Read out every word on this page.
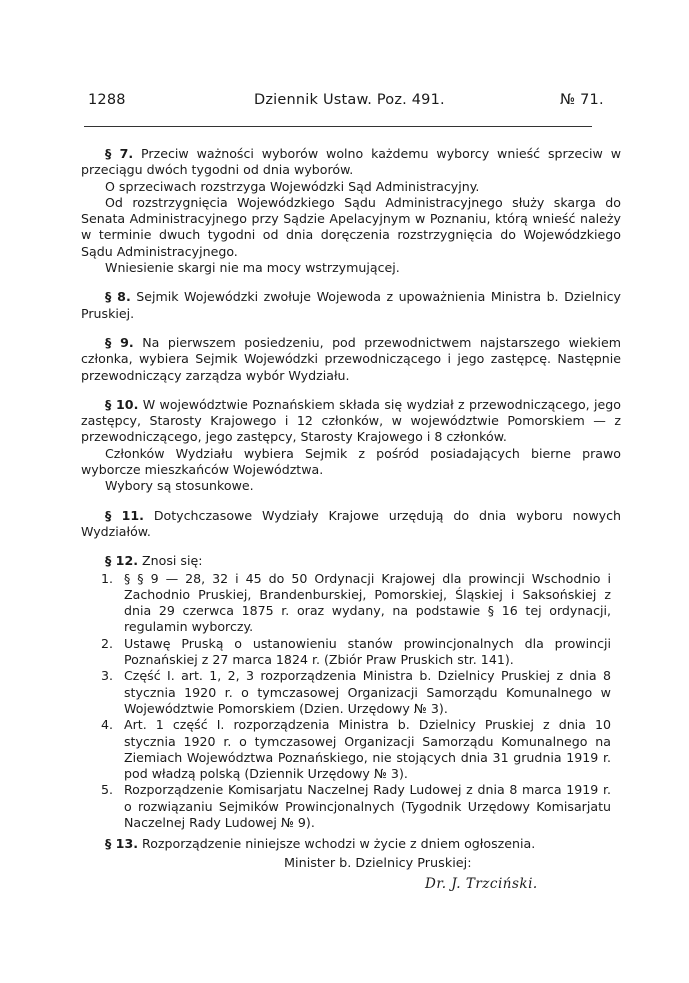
1288	Dziennik Ustaw. Poz. 491.	№ 71.

§ 7. Przeciw ważności wyborów wolno każdemu wyborcy wnieść sprzeciw w przeciągu dwóch tygodni od dnia wyborów.

O sprzeciwach rozstrzyga Wojewódzki Sąd Administracyjny.

Od rozstrzygnięcia Wojewódzkiego Sądu Administracyjnego służy skarga do Senata Administracyjnego przy Sądzie Apelacyjnym w Poznaniu, którą wnieść należy w terminie dwuch tygodni od dnia doręczenia rozstrzygnięcia do Wojewódzkiego Sądu Administracyjnego.

Wniesienie skargi nie ma mocy wstrzymującej.

§ 8. Sejmik Wojewódzki zwołuje Wojewoda z upoważnienia Ministra b. Dzielnicy Pruskiej.

§ 9. Na pierwszem posiedzeniu, pod przewodnictwem najstarszego wiekiem członka, wybiera Sejmik Wojewódzki przewodniczącego i jego zastępcę. Następnie przewodniczący zarządza wybór Wydziału.

§ 10. W województwie Poznańskiem składa się wydział z przewodniczącego, jego zastępcy, Starosty Krajowego i 12 członków, w województwie Pomorskiem — z przewodniczącego, jego zastępcy, Starosty Krajowego i 8 członków.

Członków Wydziału wybiera Sejmik z pośród posiadających bierne prawo wyborcze mieszkańców Województwa.

Wybory są stosunkowe.

§ 11. Dotychczasowe Wydziały Krajowe urzędują do dnia wyboru nowych Wydziałów.

§ 12. Znosi się:

1. § § 9 — 28, 32 i 45 do 50 Ordynacji Krajowej dla prowincji Wschodnio i Zachodnio Pruskiej, Brandenburskiej, Pomorskiej, Śląskiej i Saksońskiej z dnia 29 czerwca 1875 r. oraz wydany, na podstawie § 16 tej ordynacji, regulamin wyborczy.
2. Ustawę Pruską o ustanowieniu stanów prowincjonalnych dla prowincji Poznańskiej z 27 marca 1824 r. (Zbiór Praw Pruskich str. 141).
3. Część I. art. 1, 2, 3 rozporządzenia Ministra b. Dzielnicy Pruskiej z dnia 8 stycznia 1920 r. o tymczasowej Organizacji Samorządu Komunalnego w Województwie Pomorskiem (Dzien. Urzędowy № 3).
4. Art. 1 część I. rozporządzenia Ministra b. Dzielnicy Pruskiej z dnia 10 stycznia 1920 r. o tymczasowej Organizacji Samorządu Komunalnego na Ziemiach Województwa Poznańskiego, nie stojących dnia 31 grudnia 1919 r. pod władzą polską (Dziennik Urzędowy № 3).
5. Rozporządzenie Komisarjatu Naczelnej Rady Ludowej z dnia 8 marca 1919 r. o rozwiązaniu Sejmików Prowincjonalnych (Tygodnik Urzędowy Komisarjatu Naczelnej Rady Ludowej № 9).

§ 13. Rozporządzenie niniejsze wchodzi w życie z dniem ogłoszenia.

Minister b. Dzielnicy Pruskiej:
Dr. J. Trzciński.
